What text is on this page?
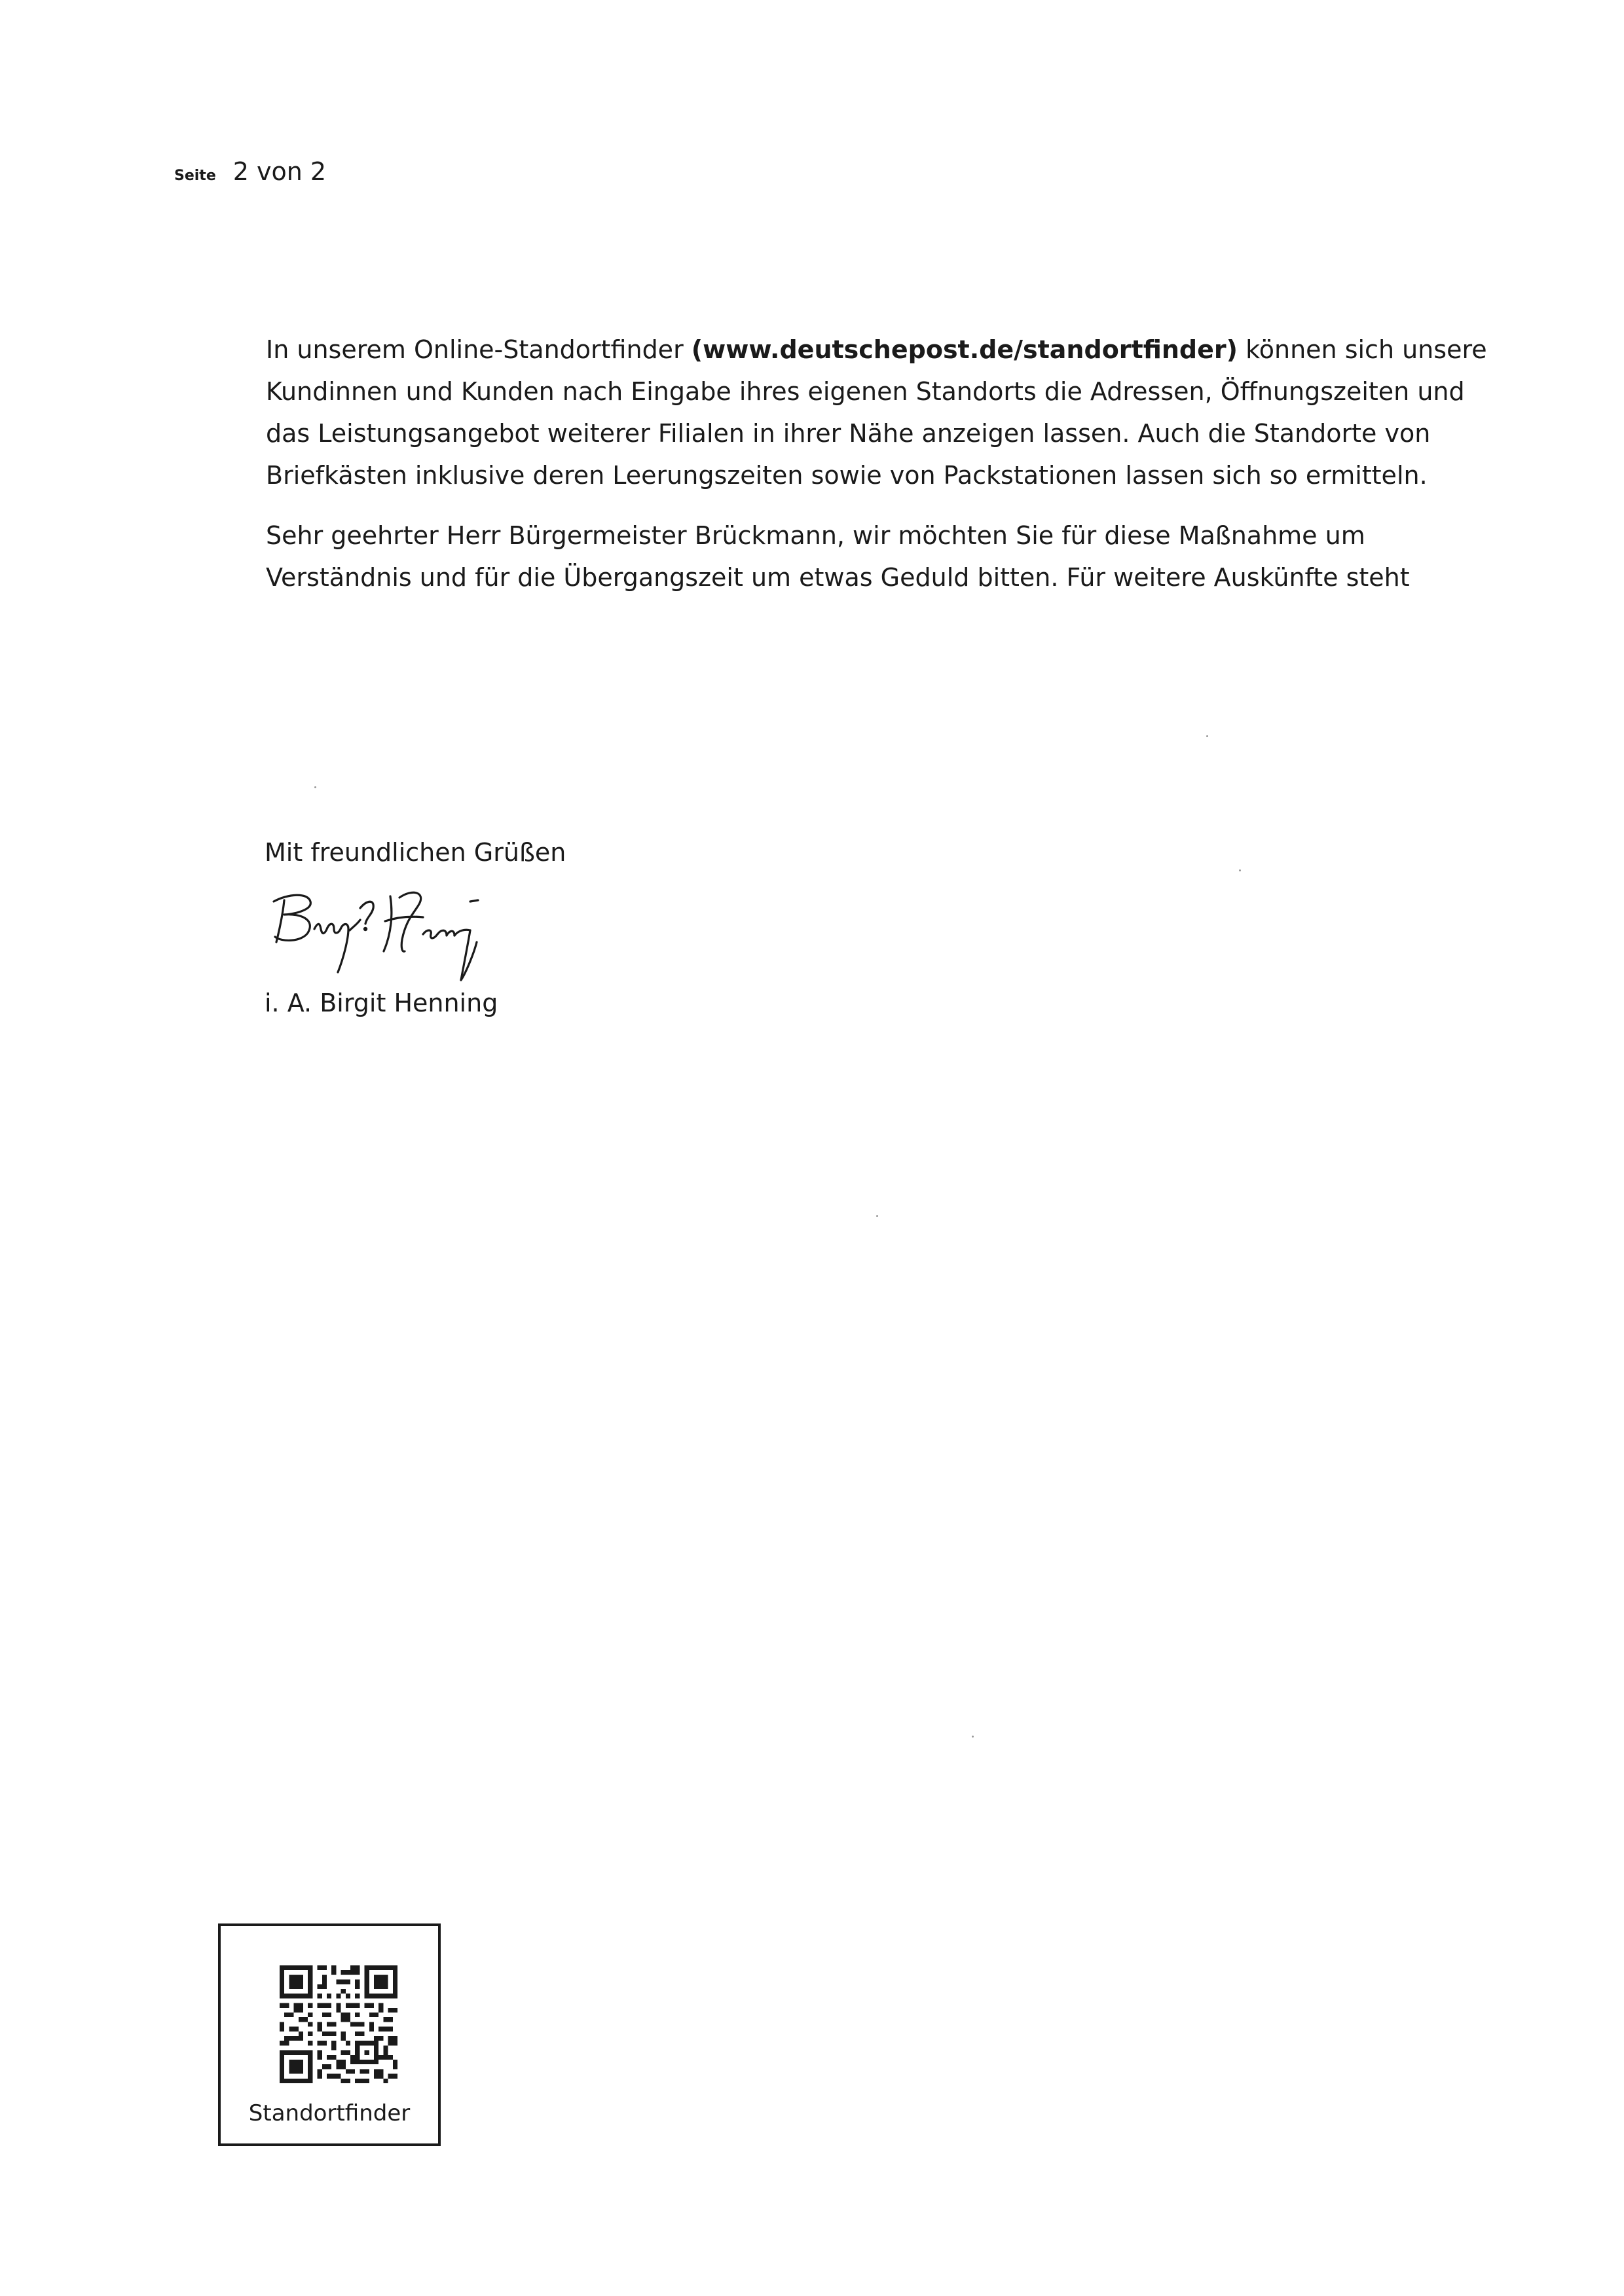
Seite 2 von 2

In unserem Online-Standortfinder (www.deutschepost.de/standortfinder) können sich unsere Kundinnen und Kunden nach Eingabe ihres eigenen Standorts die Adressen, Öffnungszeiten und das Leistungsangebot weiterer Filialen in ihrer Nähe anzeigen lassen. Auch die Standorte von Briefkästen inklusive deren Leerungszeiten sowie von Packstationen lassen sich so ermitteln.

Sehr geehrter Herr Bürgermeister Brückmann, wir möchten Sie für diese Maßnahme um Verständnis und für die Übergangszeit um etwas Geduld bitten. Für weitere Auskünfte steht

Mit freundlichen Grüßen
i. A. Birgit Henning
Standortfinder
